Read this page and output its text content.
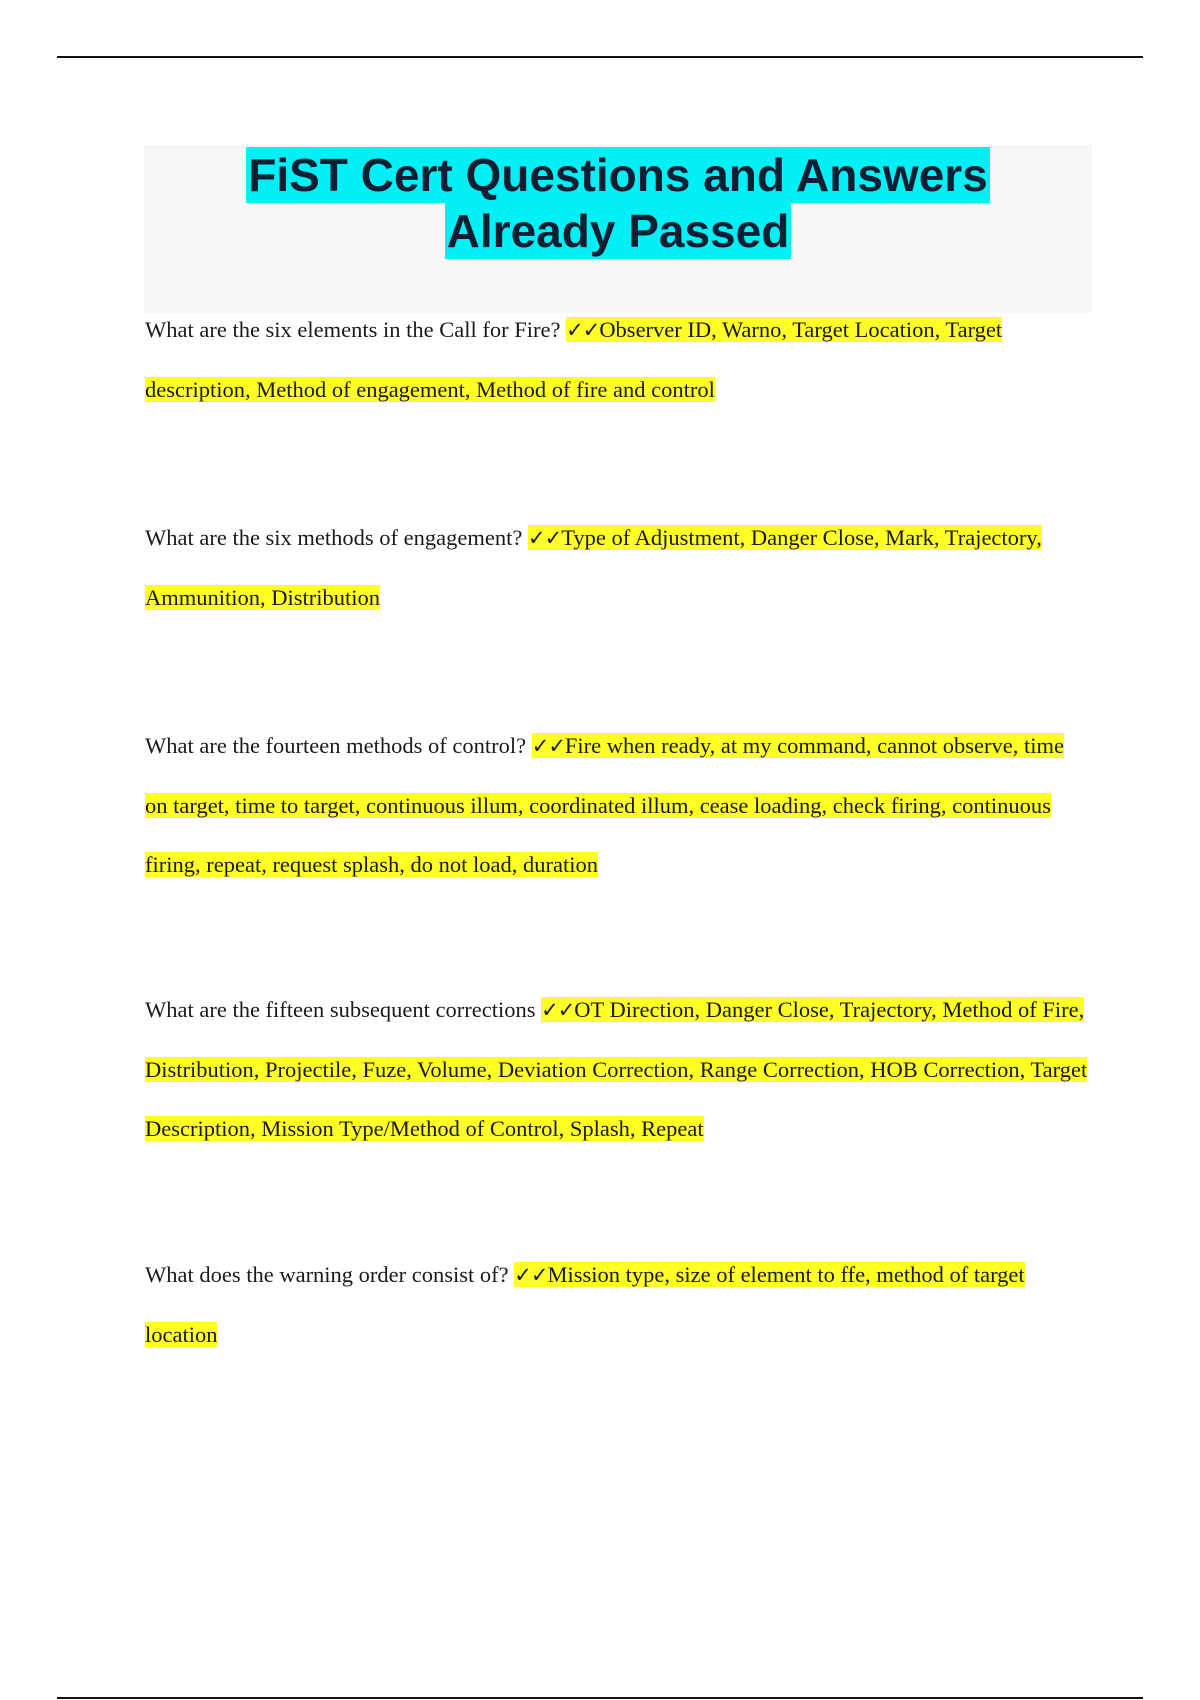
FiST Cert Questions and Answers
Already Passed

What are the six elements in the Call for Fire? ✓✓Observer ID, Warno, Target Location, Target description, Method of engagement, Method of fire and control

What are the six methods of engagement? ✓✓Type of Adjustment, Danger Close, Mark, Trajectory, Ammunition, Distribution

What are the fourteen methods of control? ✓✓Fire when ready, at my command, cannot observe, time on target, time to target, continuous illum, coordinated illum, cease loading, check firing, continuous firing, repeat, request splash, do not load, duration

What are the fifteen subsequent corrections ✓✓OT Direction, Danger Close, Trajectory, Method of Fire, Distribution, Projectile, Fuze, Volume, Deviation Correction, Range Correction, HOB Correction, Target Description, Mission Type/Method of Control, Splash, Repeat

What does the warning order consist of? ✓✓Mission type, size of element to ffe, method of target location
